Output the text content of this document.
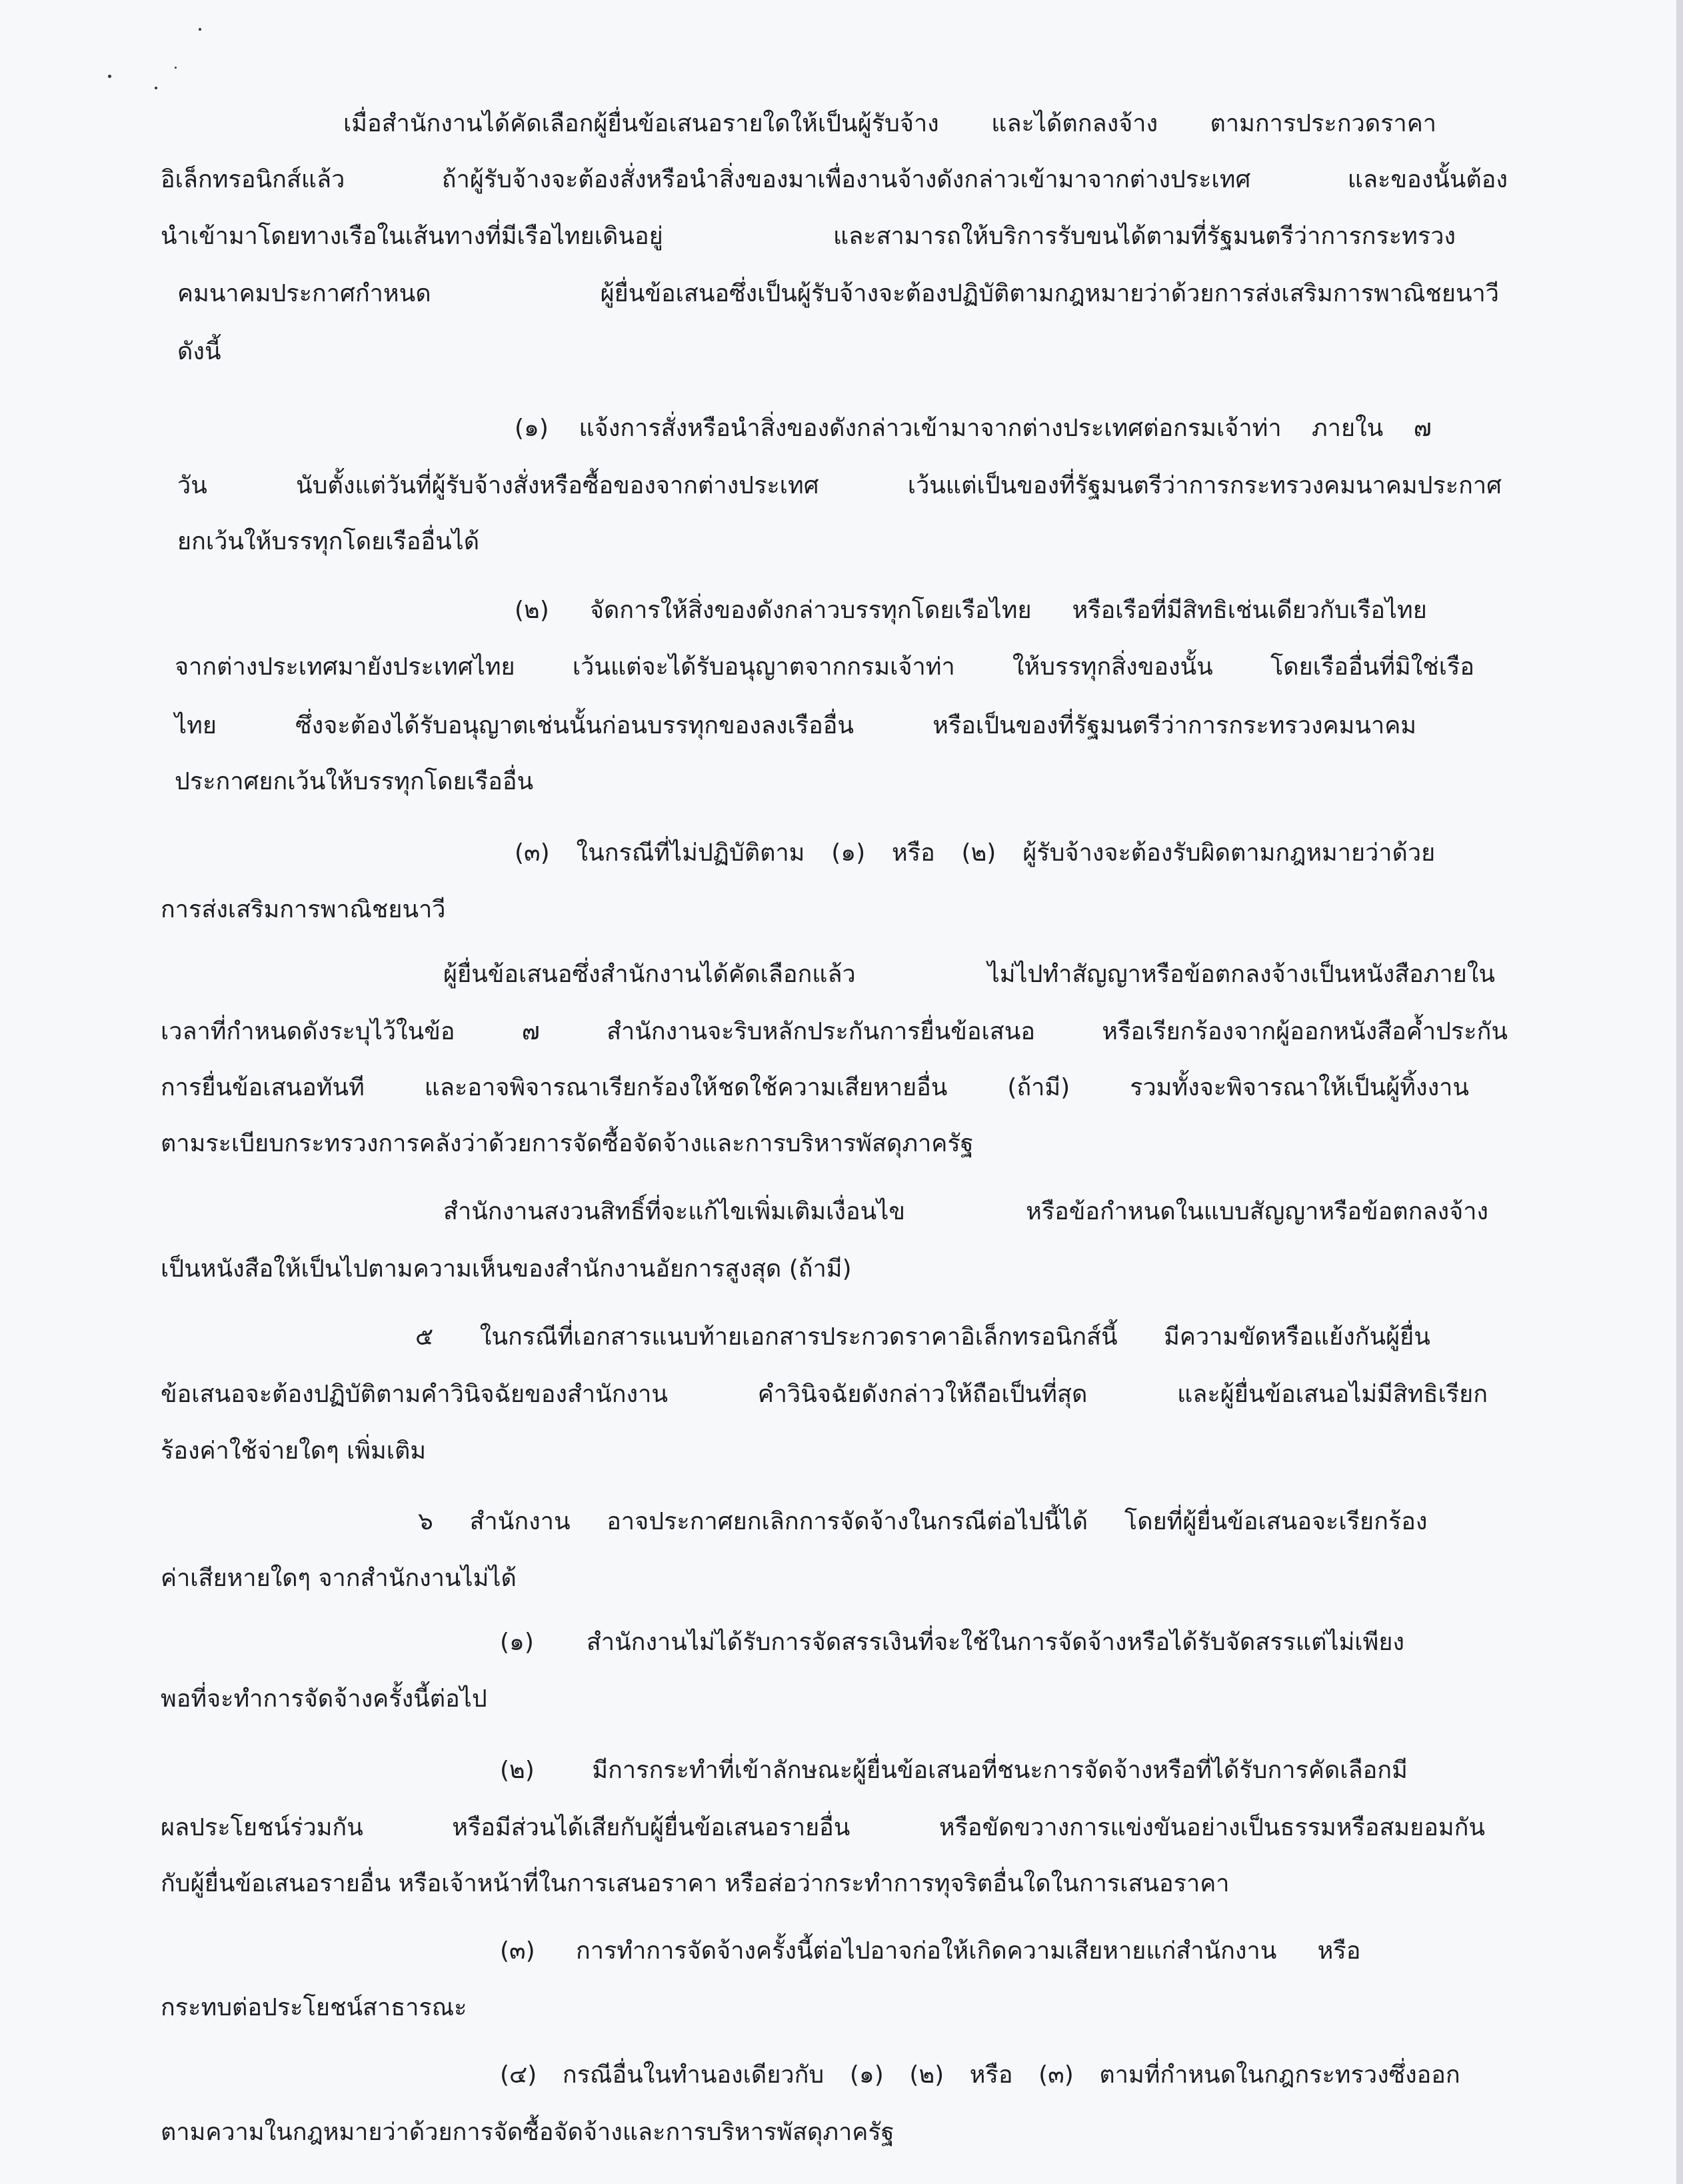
เมื่อสำนักงานได้คัดเลือกผู้ยื่นข้อเสนอรายใดให้เป็นผู้รับจ้าง และได้ตกลงจ้าง ตามการประกวดราคา
อิเล็กทรอนิกส์แล้ว ถ้าผู้รับจ้างจะต้องสั่งหรือนำสิ่งของมาเพื่องานจ้างดังกล่าวเข้ามาจากต่างประเทศ และของนั้นต้อง
นำเข้ามาโดยทางเรือในเส้นทางที่มีเรือไทยเดินอยู่ และสามารถให้บริการรับขนได้ตามที่รัฐมนตรีว่าการกระทรวง
คมนาคมประกาศกำหนด ผู้ยื่นข้อเสนอซึ่งเป็นผู้รับจ้างจะต้องปฏิบัติตามกฎหมายว่าด้วยการส่งเสริมการพาณิชยนาวี
ดังนี้
(๑) แจ้งการสั่งหรือนำสิ่งของดังกล่าวเข้ามาจากต่างประเทศต่อกรมเจ้าท่า ภายใน ๗
วัน นับตั้งแต่วันที่ผู้รับจ้างสั่งหรือซื้อของจากต่างประเทศ เว้นแต่เป็นของที่รัฐมนตรีว่าการกระทรวงคมนาคมประกาศ
ยกเว้นให้บรรทุกโดยเรืออื่นได้
(๒) จัดการให้สิ่งของดังกล่าวบรรทุกโดยเรือไทย หรือเรือที่มีสิทธิเช่นเดียวกับเรือไทย
จากต่างประเทศมายังประเทศไทย เว้นแต่จะได้รับอนุญาตจากกรมเจ้าท่า ให้บรรทุกสิ่งของนั้น โดยเรืออื่นที่มิใช่เรือ
ไทย ซึ่งจะต้องได้รับอนุญาตเช่นนั้นก่อนบรรทุกของลงเรืออื่น หรือเป็นของที่รัฐมนตรีว่าการกระทรวงคมนาคม
ประกาศยกเว้นให้บรรทุกโดยเรืออื่น
(๓) ในกรณีที่ไม่ปฏิบัติตาม (๑) หรือ (๒) ผู้รับจ้างจะต้องรับผิดตามกฎหมายว่าด้วย
การส่งเสริมการพาณิชยนาวี
ผู้ยื่นข้อเสนอซึ่งสำนักงานได้คัดเลือกแล้ว ไม่ไปทำสัญญาหรือข้อตกลงจ้างเป็นหนังสือภายใน
เวลาที่กำหนดดังระบุไว้ในข้อ ๗ สำนักงานจะริบหลักประกันการยื่นข้อเสนอ หรือเรียกร้องจากผู้ออกหนังสือค้ำประกัน
การยื่นข้อเสนอทันที และอาจพิจารณาเรียกร้องให้ชดใช้ความเสียหายอื่น (ถ้ามี) รวมทั้งจะพิจารณาให้เป็นผู้ทิ้งงาน
ตามระเบียบกระทรวงการคลังว่าด้วยการจัดซื้อจัดจ้างและการบริหารพัสดุภาครัฐ
สำนักงานสงวนสิทธิ์ที่จะแก้ไขเพิ่มเติมเงื่อนไข หรือข้อกำหนดในแบบสัญญาหรือข้อตกลงจ้าง
เป็นหนังสือให้เป็นไปตามความเห็นของสำนักงานอัยการสูงสุด (ถ้ามี)
๕ ในกรณีที่เอกสารแนบท้ายเอกสารประกวดราคาอิเล็กทรอนิกส์นี้ มีความขัดหรือแย้งกันผู้ยื่น
ข้อเสนอจะต้องปฏิบัติตามคำวินิจฉัยของสำนักงาน คำวินิจฉัยดังกล่าวให้ถือเป็นที่สุด และผู้ยื่นข้อเสนอไม่มีสิทธิเรียก
ร้องค่าใช้จ่ายใดๆ เพิ่มเติม
๖ สำนักงาน อาจประกาศยกเลิกการจัดจ้างในกรณีต่อไปนี้ได้ โดยที่ผู้ยื่นข้อเสนอจะเรียกร้อง
ค่าเสียหายใดๆ จากสำนักงานไม่ได้
(๑) สำนักงานไม่ได้รับการจัดสรรเงินที่จะใช้ในการจัดจ้างหรือได้รับจัดสรรแต่ไม่เพียง
พอที่จะทำการจัดจ้างครั้งนี้ต่อไป
(๒) มีการกระทำที่เข้าลักษณะผู้ยื่นข้อเสนอที่ชนะการจัดจ้างหรือที่ได้รับการคัดเลือกมี
ผลประโยชน์ร่วมกัน หรือมีส่วนได้เสียกับผู้ยื่นข้อเสนอรายอื่น หรือขัดขวางการแข่งขันอย่างเป็นธรรมหรือสมยอมกัน
กับผู้ยื่นข้อเสนอรายอื่น หรือเจ้าหน้าที่ในการเสนอราคา หรือส่อว่ากระทำการทุจริตอื่นใดในการเสนอราคา
(๓) การทำการจัดจ้างครั้งนี้ต่อไปอาจก่อให้เกิดความเสียหายแก่สำนักงาน หรือ
กระทบต่อประโยชน์สาธารณะ
(๔) กรณีอื่นในทำนองเดียวกับ (๑) (๒) หรือ (๓) ตามที่กำหนดในกฎกระทรวงซึ่งออก
ตามความในกฎหมายว่าด้วยการจัดซื้อจัดจ้างและการบริหารพัสดุภาครัฐ
